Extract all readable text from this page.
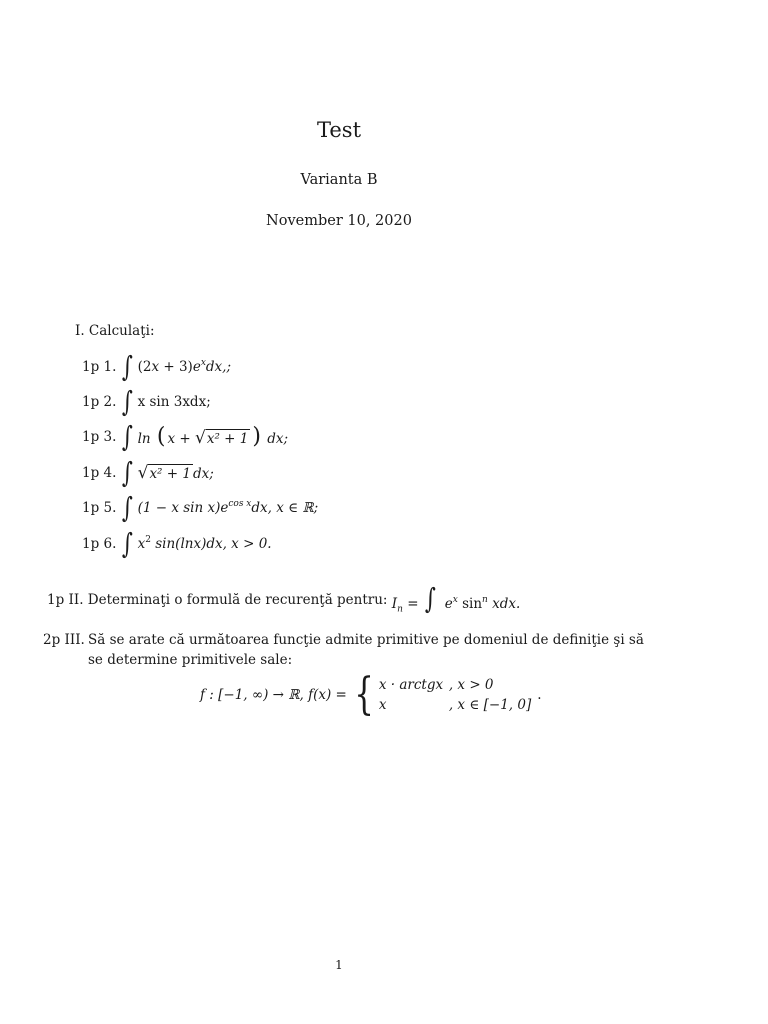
Test
Varianta B
November 10, 2020
I. Calculaţi:
1p 1. ∫ $(2x + 3)e^xdx$,;
1p 2. ∫ x sin 3xdx;
1p 3. ∫ ln ( x + √ x² + 1 ) dx;
1p 4. ∫ √ x² + 1 dx;
1p 5. ∫ (1 − x $\sin x)e^{cos x}dx$, x ∈ ℝ;
1p 6. ∫ $x^2$ sin(lnx)dx, x > 0.
1p II.
Determinaţi o formulă de recurenţă pentru:
$I_n$ = ∫ $e^x$ $\sin^n$ xdx.
2p III. Să se arate că următoarea funcţie admite primitive pe domeniul de definiţie şi să se determine primitivele sale:
f : [−1, ∞) → ℝ, f(x) = { x · arctgx , x > 0
x	, x ∈ [−1, 0]
.
1
